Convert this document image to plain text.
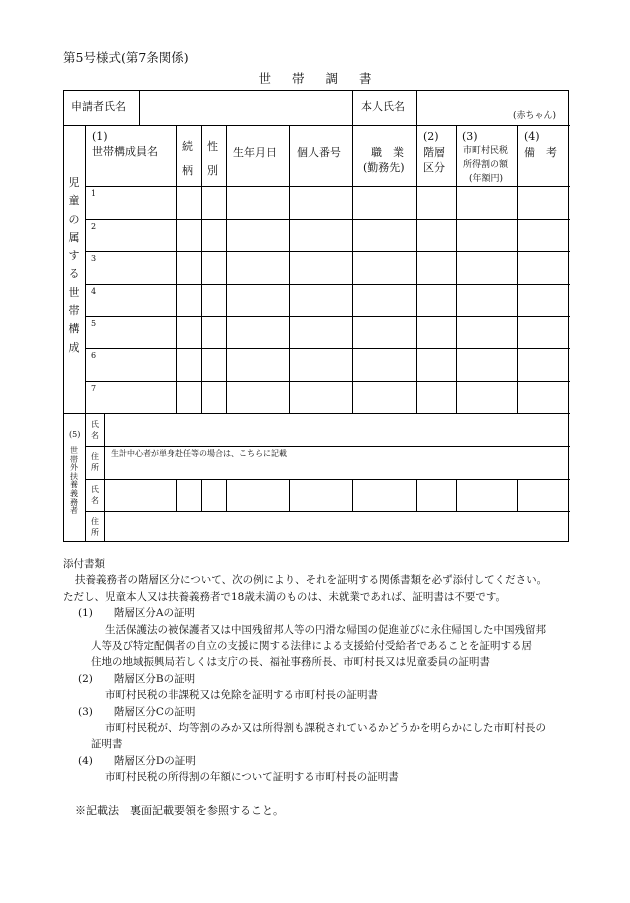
第5号様式(第7条関係)
世帯調書
申請者氏名	本人氏名
(赤ちゃん)
児
童
の
属
す
る
世
帯
構
成
(1)
世帯構成員名 続
柄
性
別
生年月日 個人番号	職　業
(勤務先)
(2)
階層
区分
(3)
市町村民税
所得割の額
(年額円)
(4)
備　考
1
2
3
4
5
6
7
(5)
世
帯
外
扶
養
義
務
者
氏
名
住
所
生計中心者が単身赴任等の場合は、こちらに記載
氏
名
住
所
添付書類
扶養義務者の階層区分について、次の例により、それを証明する関係書類を必ず添付してください。
ただし、児童本人又は扶養義務者で18歳未満のものは、未就業であれば、証明書は不要です。
(1)　　 階層区分Aの証明
生活保護法の被保護者又は中国残留邦人等の円滑な帰国の促進並びに永住帰国した中国残留邦
人等及び特定配偶者の自立の支援に関する法律による支援給付受給者であることを証明する居
住地の地域振興局若しくは支庁の長、福祉事務所長、市町村長又は児童委員の証明書
(2)　　 階層区分Bの証明
市町村民税の非課税又は免除を証明する市町村長の証明書
(3)　　 階層区分Cの証明
市町村民税が、均等割のみか又は所得割も課税されているかどうかを明らかにした市町村長の
証明書
(4)　　 階層区分Dの証明
市町村民税の所得割の年額について証明する市町村長の証明書
※記載法　裏面記載要領を参照すること。
